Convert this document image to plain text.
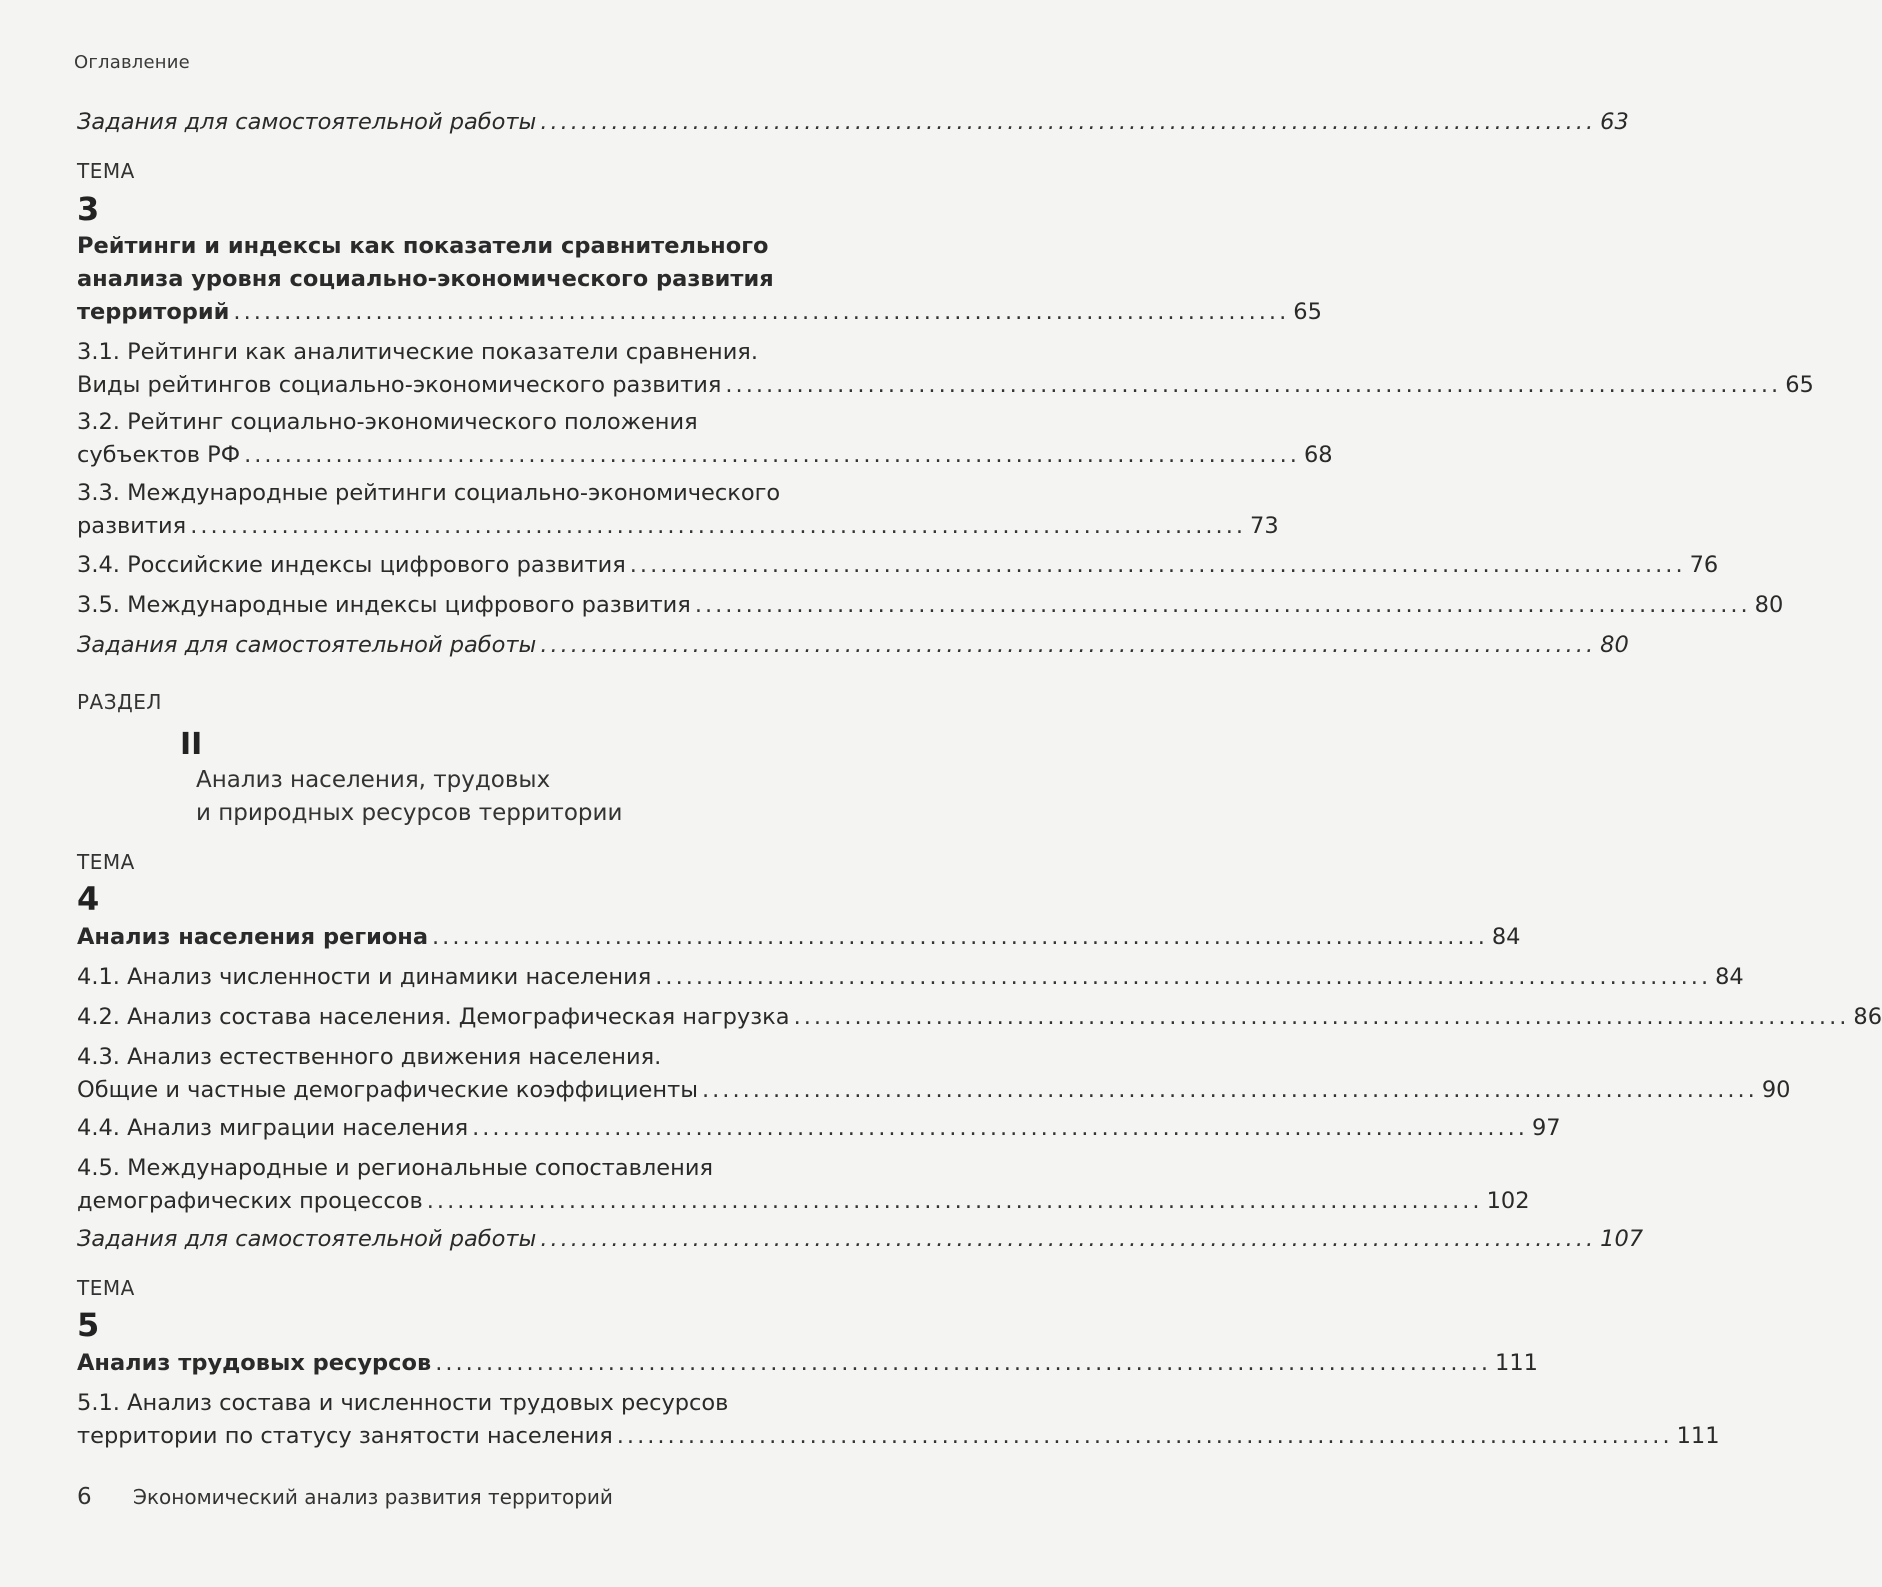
Оглавление
Задания для самостоятельной работы ........................................................................................................ 63
ТЕМА
3
Рейтинги и индексы как показатели сравнительного
анализа уровня социально-экономического развития
территорий ........................................................................................................ 65
3.1. Рейтинги как аналитические показатели сравнения.
Виды рейтингов социально-экономического развития ........................................................................................................ 65
3.2. Рейтинг социально-экономического положения
субъектов РФ ........................................................................................................ 68
3.3. Международные рейтинги социально-экономического
развития ........................................................................................................ 73
3.4. Российские индексы цифрового развития ........................................................................................................ 76
3.5. Международные индексы цифрового развития ........................................................................................................ 80
Задания для самостоятельной работы ........................................................................................................ 80
РАЗДЕЛ
II
Анализ населения, трудовых
и природных ресурсов территории
ТЕМА
4
Анализ населения региона ........................................................................................................ 84
4.1. Анализ численности и динамики населения ........................................................................................................ 84
4.2. Анализ состава населения. Демографическая нагрузка ........................................................................................................ 86
4.3. Анализ естественного движения населения.
Общие и частные демографические коэффициенты ........................................................................................................ 90
4.4. Анализ миграции населения ........................................................................................................ 97
4.5. Международные и региональные сопоставления
демографических процессов ........................................................................................................ 102
Задания для самостоятельной работы ........................................................................................................ 107
ТЕМА
5
Анализ трудовых ресурсов ........................................................................................................ 111
5.1. Анализ состава и численности трудовых ресурсов
территории по статусу занятости населения ........................................................................................................ 111
6	Экономический анализ развития территорий
